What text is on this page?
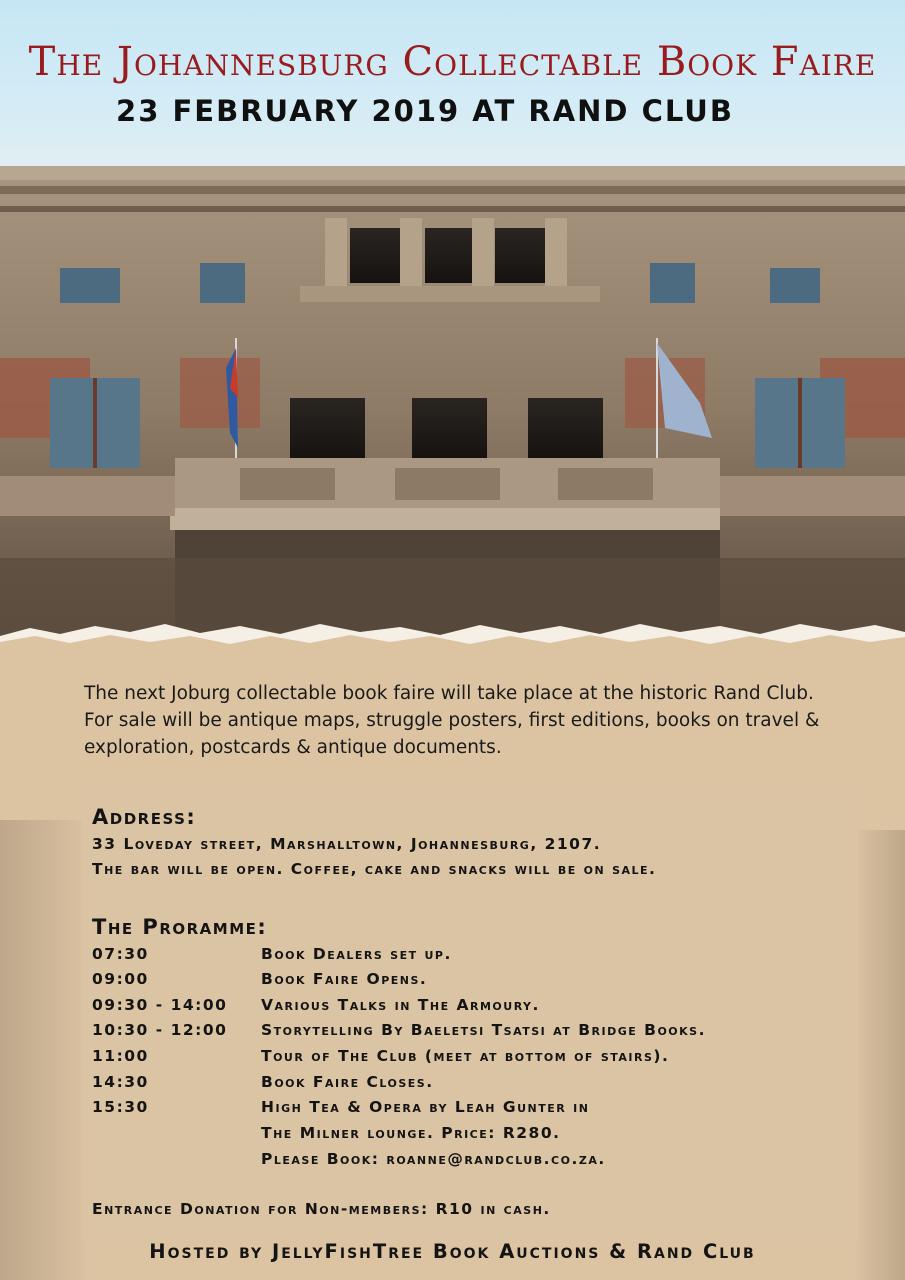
The Johannesburg Collectable Book Faire
23 FEBRUARY 2019 AT RAND CLUB
The next Joburg collectable book faire will take place at the historic Rand Club.
For sale will be antique maps, struggle posters, first editions, books on travel &
exploration, postcards & antique documents.
Address:
33 Loveday street, Marshalltown, Johannesburg, 2107.
The bar will be open. Coffee, cake and snacks will be on sale.
The Proramme:
07:30	Book Dealers set up.
09:00	Book Faire Opens.
09:30 - 14:00 Various Talks in The Armoury.
10:30 - 12:00 Storytelling By Baeletsi Tsatsi at Bridge Books.
11:00	Tour of The Club (meet at bottom of stairs).
14:30	Book Faire Closes.
15:30	High Tea & Opera by Leah Gunter in
The Milner lounge. Price: R280.
Please Book: roanne@randclub.co.za.
Entrance Donation for Non-members: R10 in cash.
Hosted by JellyFishTree Book Auctions & Rand Club
